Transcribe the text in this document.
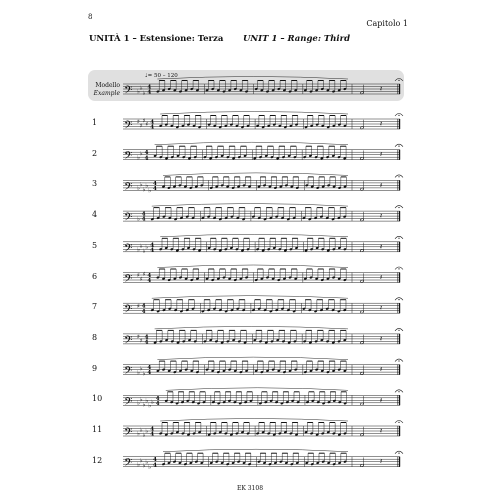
8
Capitolo 1
UNITÀ 1 – Estensione: Terza UNIT 1 – Range: Third
Modello
Example
♩= 50 – 120
1
2
3
4
5
6
7
8
9
10
11
12
𝄢 ♭
♭
♭
4
4	𝄽
𝄢 ♯
♯
♯
♯ 4
4	𝄽
𝄢 ♭
♭ 4
4	𝄽
𝄢 ♭
♭
♭
♭
♭
4
4	𝄽
𝄢 ♭
4
4	𝄽
𝄢 ♭
♭
♭
♭ 4
4	𝄽
𝄢 ♯
♯
♯ 4
4	𝄽
𝄢 ♯ 4
4	𝄽
𝄢 ♯
♯ 4
4	𝄽
𝄢 ♭
♭
♭
4
4	𝄽
𝄢 ♭
♭
♭
♭
♭
♭ 4
4	𝄽
𝄢 ♭
♭
♭
♭ 4
4	𝄽
𝄢 ♭
♭
♭
♭
♭
4
4	𝄽
EK 3108
